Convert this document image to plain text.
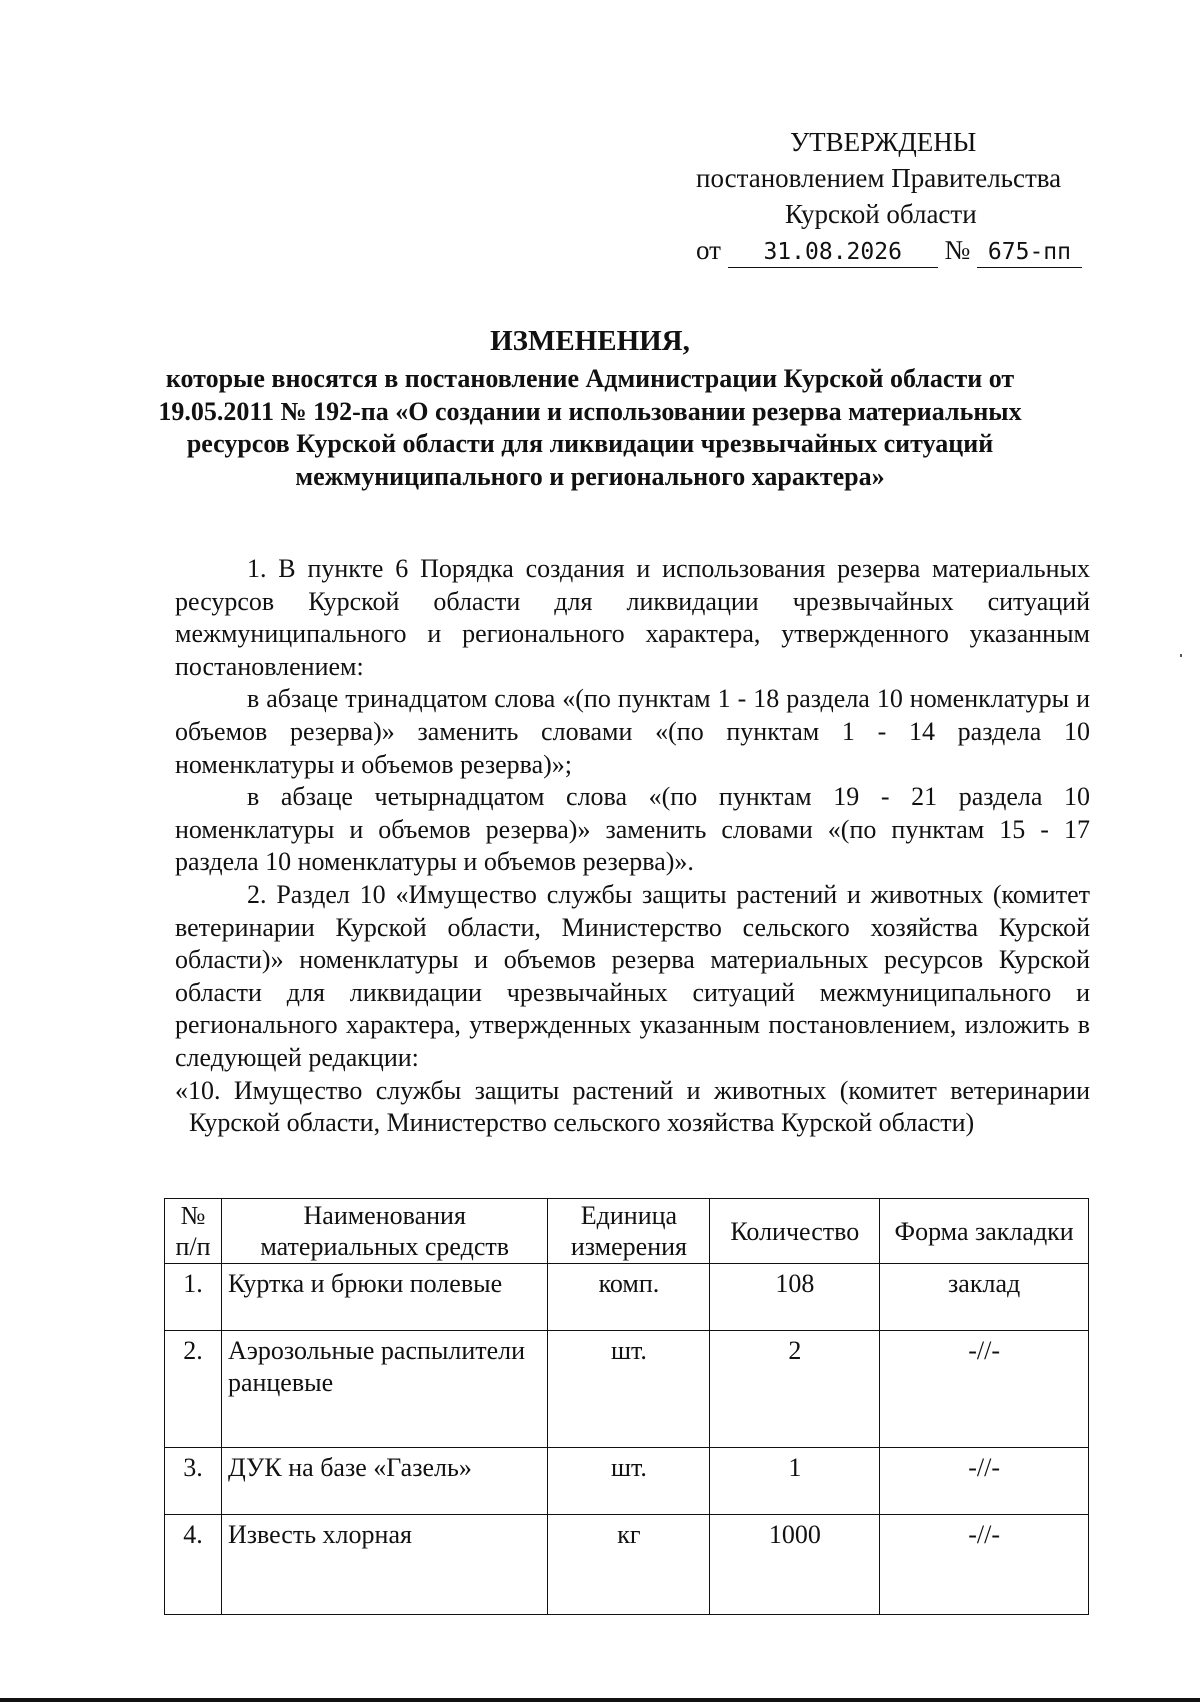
УТВЕРЖДЕНЫ
постановлением Правительства
Курской области
от 31.08.2026 № 675-пп
ИЗМЕНЕНИЯ,
которые вносятся в постановление Администрации Курской области от 19.05.2011 № 192-па «О создании и использовании резерва материальных ресурсов Курской области для ликвидации чрезвычайных ситуаций межмуниципального и регионального характера»

1. В пункте 6 Порядка создания и использования резерва материальных ресурсов Курской области для ликвидации чрезвычайных ситуаций межмуниципального и регионального характера, утвержденного указанным постановлением:

в абзаце тринадцатом слова «(по пунктам 1 - 18 раздела 10 номенклатуры и объемов резерва)» заменить словами «(по пунктам 1 - 14 раздела 10 номенклатуры и объемов резерва)»;

в абзаце четырнадцатом слова «(по пунктам 19 - 21 раздела 10 номенклатуры и объемов резерва)» заменить словами «(по пунктам 15 - 17 раздела 10 номенклатуры и объемов резерва)».

2. Раздел 10 «Имущество службы защиты растений и животных (комитет ветеринарии Курской области, Министерство сельского хозяйства Курской области)» номенклатуры и объемов резерва материальных ресурсов Курской области для ликвидации чрезвычайных ситуаций межмуниципального и регионального характера, утвержденных указанным постановлением, изложить в следующей редакции:

«10. Имущество службы защиты растений и животных (комитет ветеринарии Курской области, Министерство сельского хозяйства Курской области)

№ п/п	Наименования материальных средств	Единица измерения	Количество	Форма закладки
1.	Куртка и брюки полевые	комп.	108	заклад
2.	Аэрозольные распылители ранцевые	шт.	2	-//-
3.	ДУК на базе «Газель»	шт.	1	-//-
4.	Известь хлорная	кг	1000	-//-
